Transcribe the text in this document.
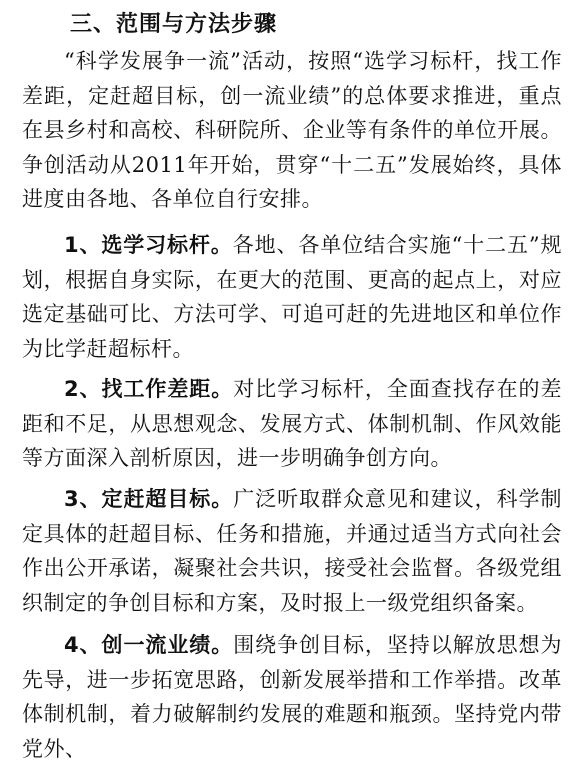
三、范围与方法步骤

“科学发展争一流”活动，按照“选学习标杆，找工作差距，定赶超目标，创一流业绩”的总体要求推进，重点在县乡村和高校、科研院所、企业等有条件的单位开展。争创活动从2011年开始，贯穿“十二五”发展始终，具体进度由各地、各单位自行安排。

1、选学习标杆。各地、各单位结合实施“十二五”规划，根据自身实际，在更大的范围、更高的起点上，对应选定基础可比、方法可学、可追可赶的先进地区和单位作为比学赶超标杆。

2、找工作差距。对比学习标杆，全面查找存在的差距和不足，从思想观念、发展方式、体制机制、作风效能等方面深入剖析原因，进一步明确争创方向。

3、定赶超目标。广泛听取群众意见和建议，科学制定具体的赶超目标、任务和措施，并通过适当方式向社会作出公开承诺，凝聚社会共识，接受社会监督。各级党组织制定的争创目标和方案，及时报上一级党组织备案。

4、创一流业绩。围绕争创目标，坚持以解放思想为先导，进一步拓宽思路，创新发展举措和工作举措。改革体制机制，着力破解制约发展的难题和瓶颈。坚持党内带党外、
